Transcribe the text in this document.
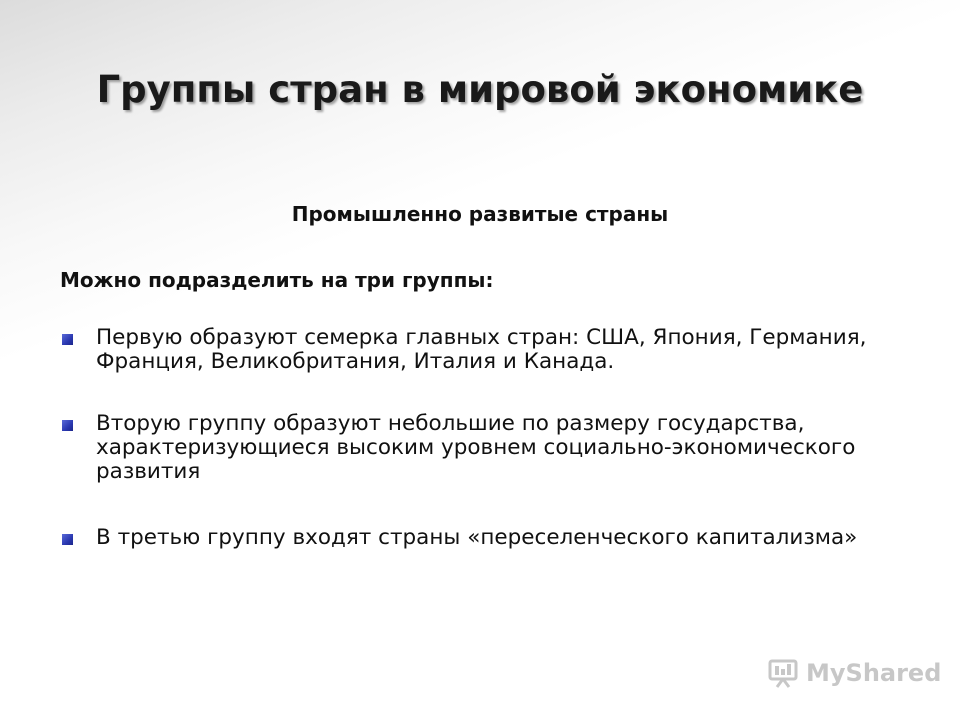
Группы стран в мировой экономике
Промышленно развитые страны
Можно подразделить на три группы:
Первую образуют семерка главных стран: США, Япония, Германия, Франция, Великобритания, Италия и Канада.
Вторую группу образуют небольшие по размеру государства, характеризующиеся высоким уровнем социально-экономического развития
В третью группу входят страны «переселенческого капитализма»
MyShared
